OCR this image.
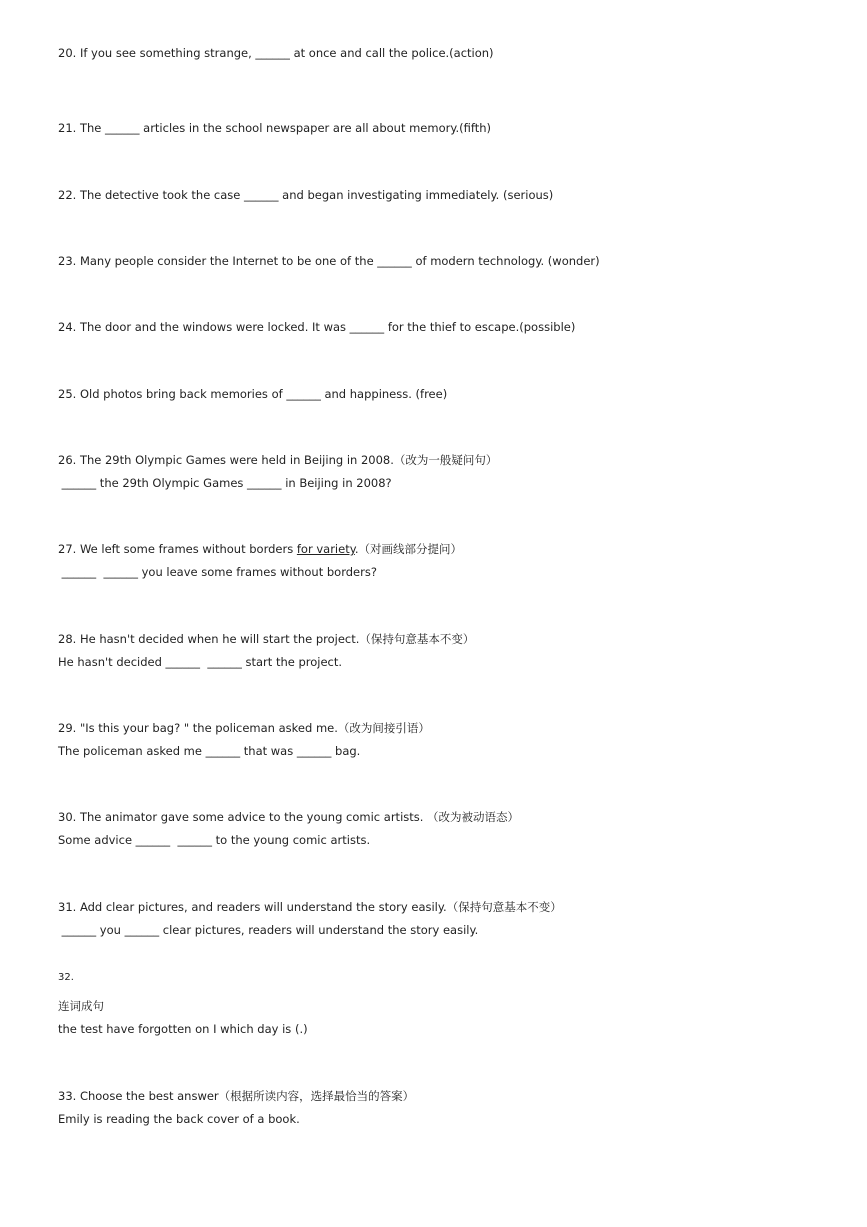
20. If you see something strange, ______ at once and call the police.(action)
21. The ______ articles in the school newspaper are all about memory.(fifth)
22. The detective took the case ______ and began investigating immediately. (serious)
23. Many people consider the Internet to be one of the ______ of modern technology. (wonder)
24. The door and the windows were locked. It was ______ for the thief to escape.(possible)
25. Old photos bring back memories of ______ and happiness. (free)
26. The 29th Olympic Games were held in Beijing in 2008.（改为一般疑问句）
______ the 29th Olympic Games ______ in Beijing in 2008?
27. We left some frames without borders for variety.（对画线部分提问）
______  ______ you leave some frames without borders?
28. He hasn't decided when he will start the project.（保持句意基本不变）
He hasn't decided ______  ______ start the project.
29. "Is this your bag? " the policeman asked me.（改为间接引语）
The policeman asked me ______ that was ______ bag.
30. The animator gave some advice to the young comic artists. （改为被动语态）
Some advice ______  ______ to the young comic artists.
31. Add clear pictures, and readers will understand the story easily.（保持句意基本不变）
______ you ______ clear pictures, readers will understand the story easily.
32.
连词成句
the test have forgotten on I which day is (.)
33. Choose the best answer（根据所读内容，选择最恰当的答案）
Emily is reading the back cover of a book.
